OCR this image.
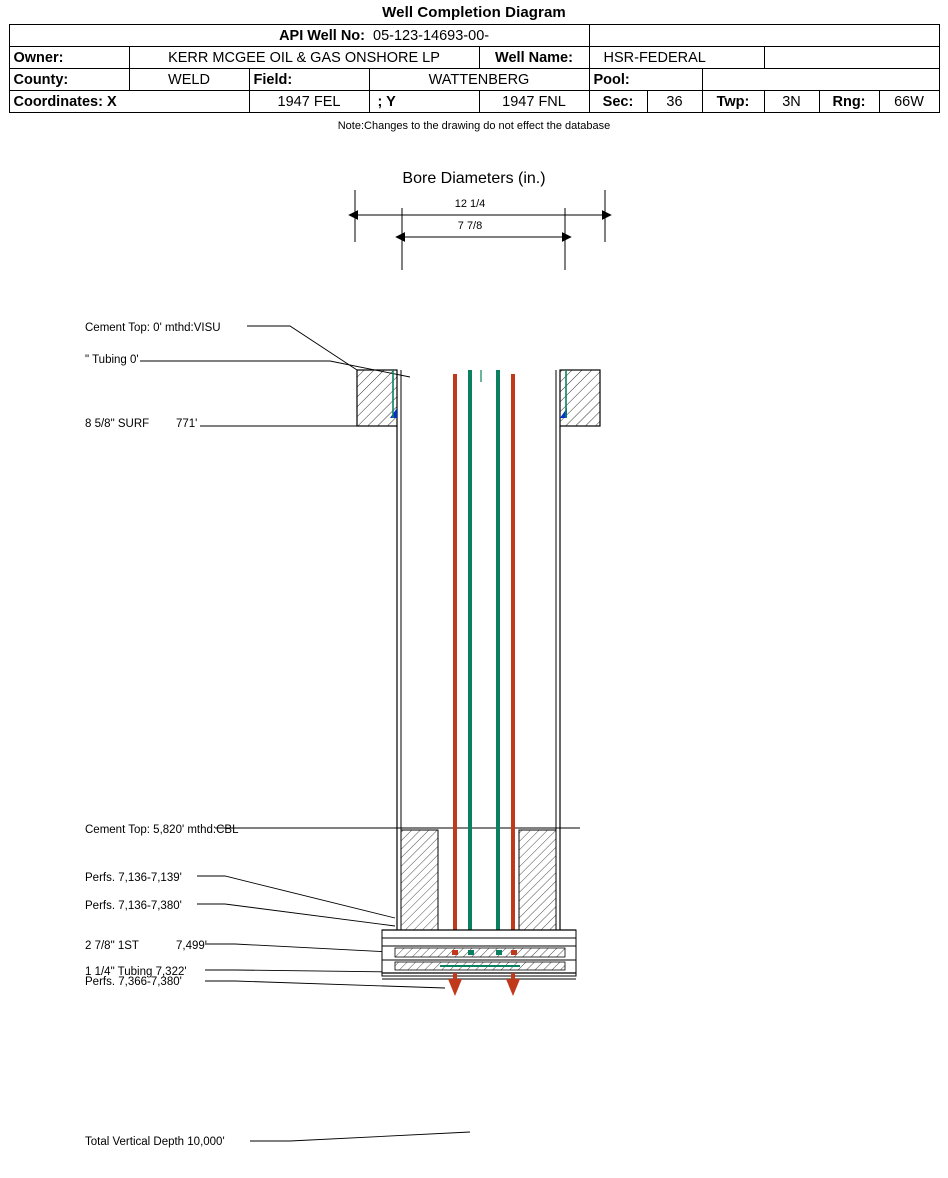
Well Completion Diagram
		API Well No:	05-123-14693-00-							
Owner:	KERR MCGEE OIL & GAS ONSHORE LP			Well Name:	HSR-FEDERAL					
County:	WELD	Field:	WATTENBERG		Pool:					
Coordinates: X		1947 FEL	; Y	1947 FNL	Sec:	36	Twp:	3N	Rng:	66W
Note:Changes to the drawing do not effect the database
Bore Diameters (in.)
12 1/4
7 7/8
Cement Top: 0' mthd:VISU
" Tubing 0'
8 5/8" SURF 771'
Cement Top: 5,820' mthd:CBL
Perfs. 7,136-7,139'
Perfs. 7,136-7,380'
2 7/8" 1ST	7,499'
1 1/4" Tubing 7,322'
Perfs. 7,366-7,380'
Total Vertical Depth 10,000'
